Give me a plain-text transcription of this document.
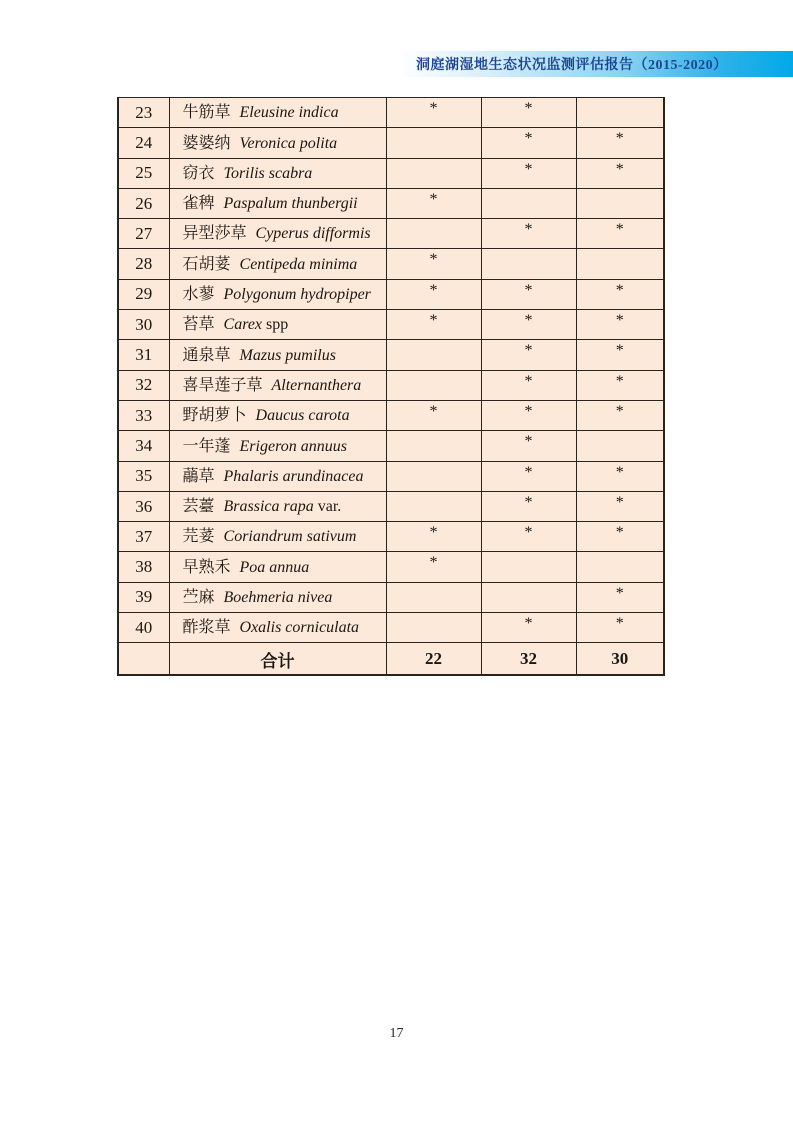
洞庭湖湿地生态状况监测评估报告（2015-2020）
23	牛筋草 Eleusine indica	*	*	
24	婆婆纳 Veronica polita		*	*
25	窃衣 Torilis scabra		*	*
26	雀稗 Paspalum thunbergii	*		
27	异型莎草 Cyperus difformis		*	*
28	石胡荽 Centipeda minima	*		
29	水蓼 Polygonum hydropiper	*	*	*
30	苔草 Carex spp	*	*	*
31	通泉草 Mazus pumilus		*	*
32	喜旱莲子草 Alternanthera		*	*
33	野胡萝卜 Daucus carota	*	*	*
34	一年蓬 Erigeron annuus		*	
35	虉草 Phalaris arundinacea		*	*
36	芸薹 Brassica rapa var.		*	*
37	芫荽 Coriandrum sativum	*	*	*
38	早熟禾 Poa annua	*		
39	苎麻 Boehmeria nivea			*
40	酢浆草 Oxalis corniculata		*	*
	合计	22	32	30
17
